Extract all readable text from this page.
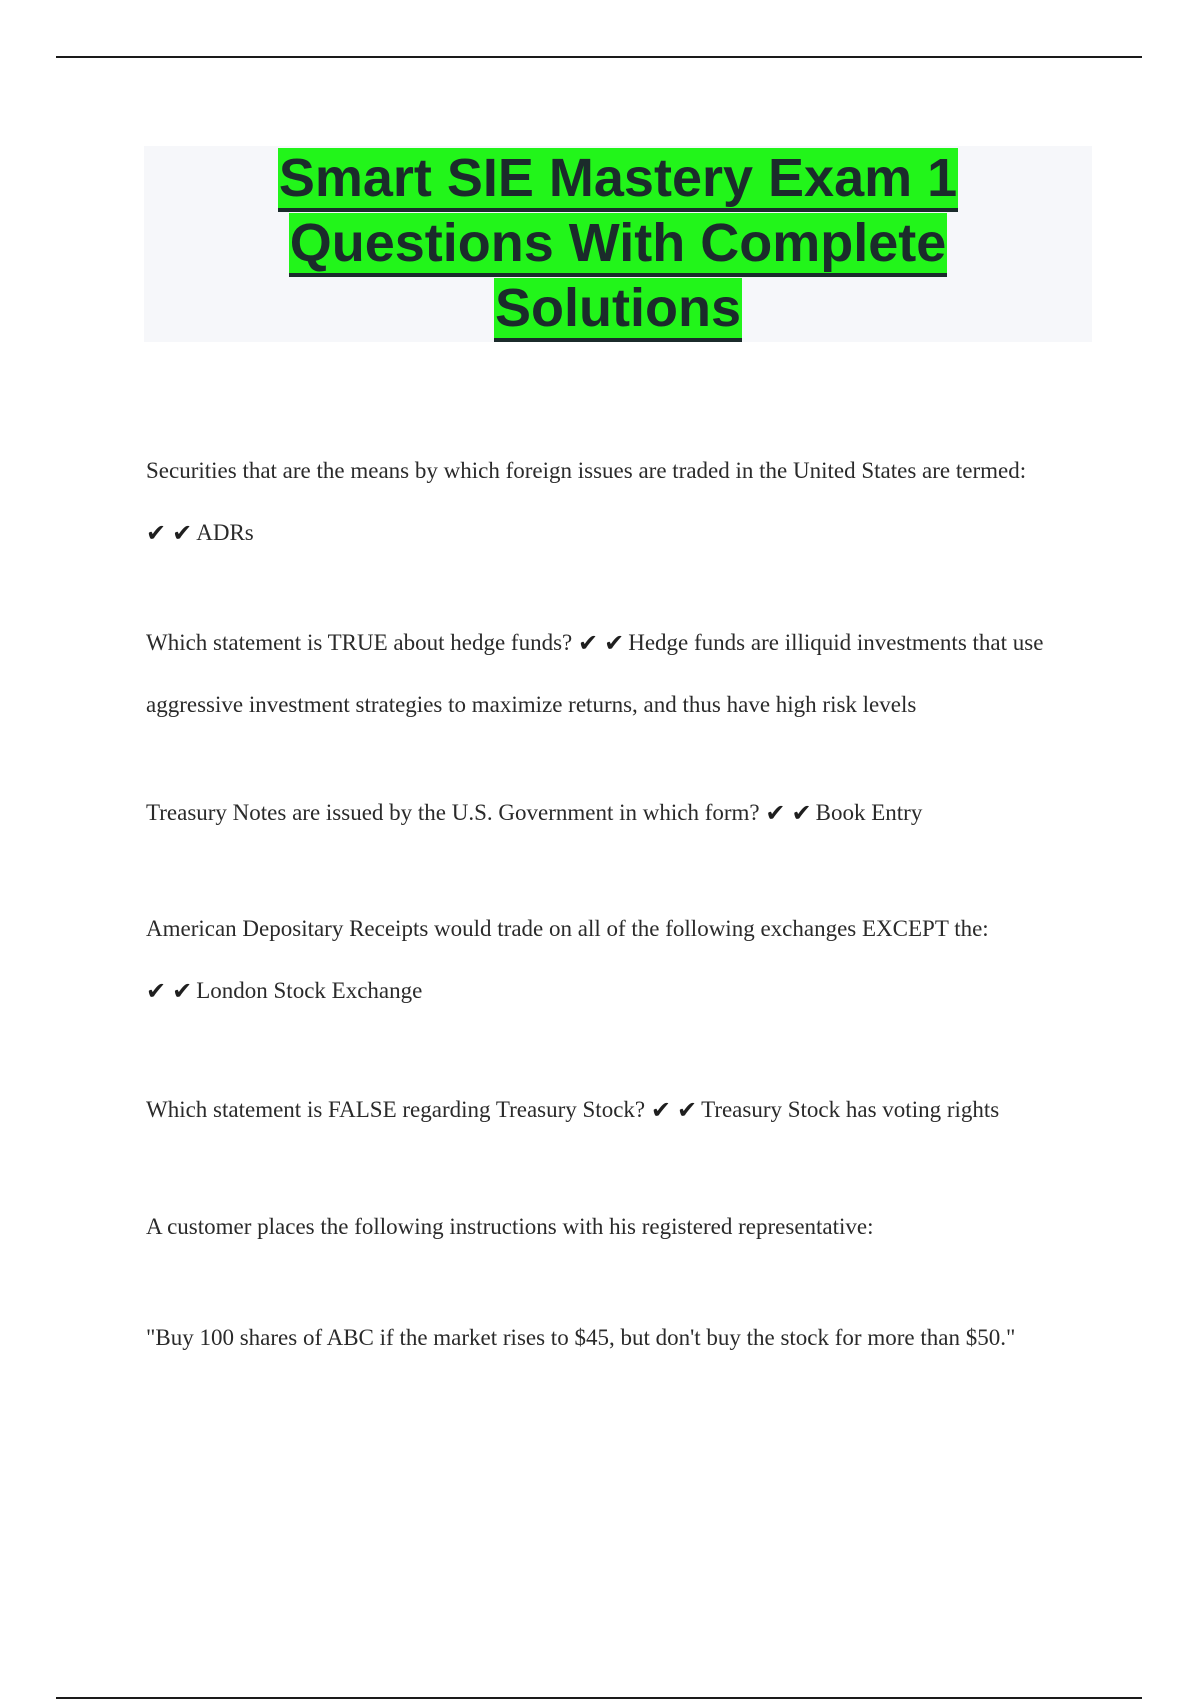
Smart SIE Mastery Exam 1
Questions With Complete
Solutions

Securities that are the means by which foreign issues are traded in the United States are termed:
✔ ✔ ADRs

Which statement is TRUE about hedge funds? ✔ ✔ Hedge funds are illiquid investments that use aggressive investment strategies to maximize returns, and thus have high risk levels

Treasury Notes are issued by the U.S. Government in which form? ✔ ✔ Book Entry

American Depositary Receipts would trade on all of the following exchanges EXCEPT the:
✔ ✔ London Stock Exchange

Which statement is FALSE regarding Treasury Stock? ✔ ✔ Treasury Stock has voting rights

A customer places the following instructions with his registered representative:

"Buy 100 shares of ABC if the market rises to $45, but don't buy the stock for more than $50."
